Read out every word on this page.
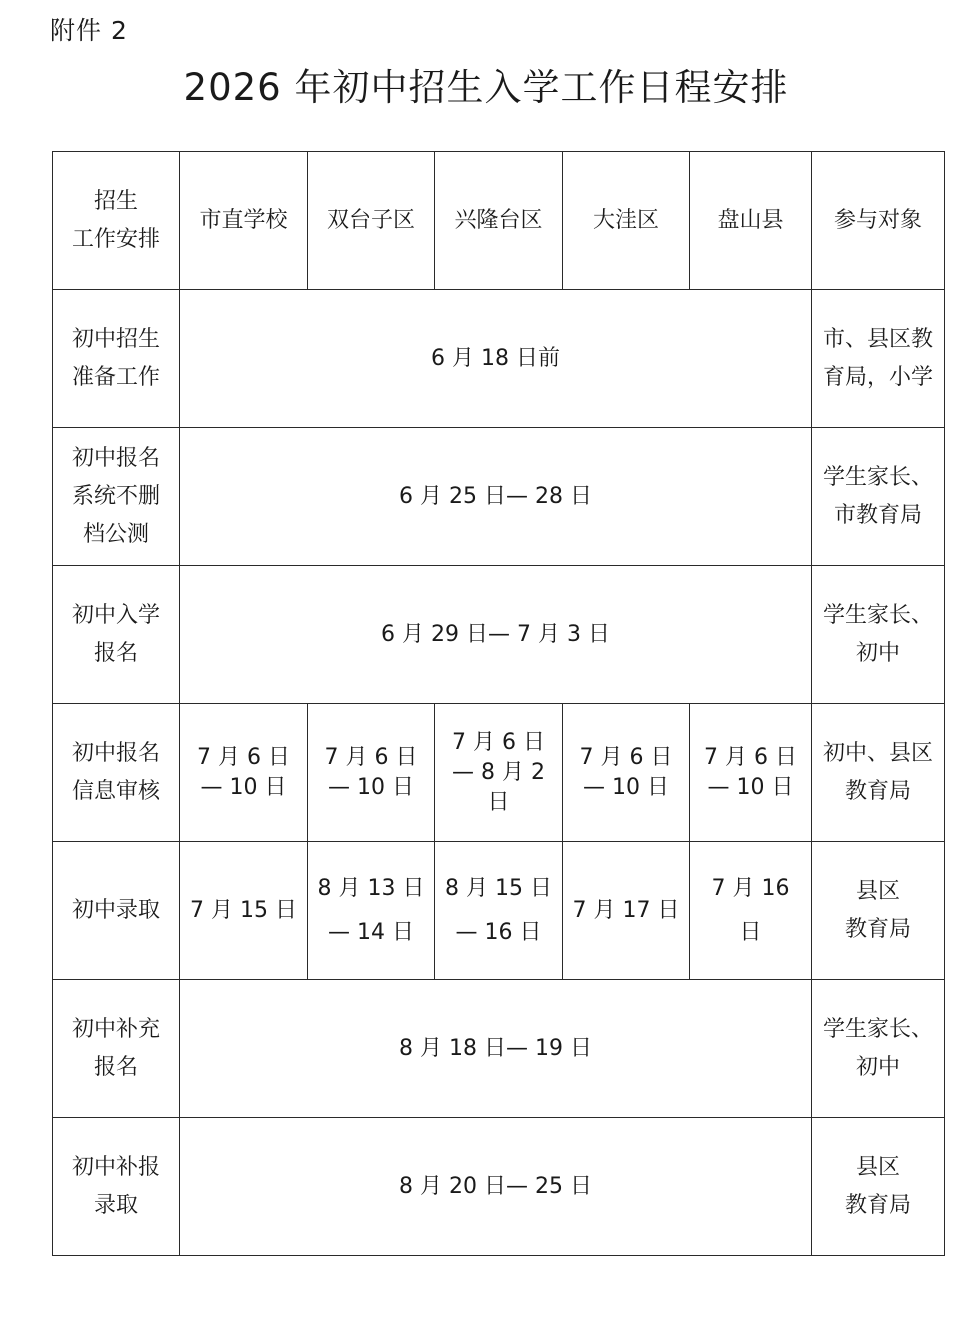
附件 2
2026 年初中招生入学工作日程安排
招生
工作安排	市直学校	双台子区	兴隆台区	大洼区	盘山县	参与对象

初中招生
准备工作	6 月 18 日前					市、县区教
育局，小学

初中报名
系统不删
档公测	6 月 25 日— 28 日					学生家长、
市教育局

初中入学
报名	6 月 29 日— 7 月 3 日					学生家长、
初中

初中报名
信息审核	7 月 6 日
— 10 日	7 月 6 日
— 10 日	7 月 6 日
— 8 月 2
日	7 月 6 日
— 10 日	7 月 6 日
— 10 日	初中、县区
教育局

初中录取	7 月 15 日	8 月 13 日
— 14 日	8 月 15 日
— 16 日	7 月 17 日	7 月 16
日	县区
教育局

初中补充
报名	8 月 18 日— 19 日					学生家长、
初中

初中补报
录取	8 月 20 日— 25 日					县区
教育局
